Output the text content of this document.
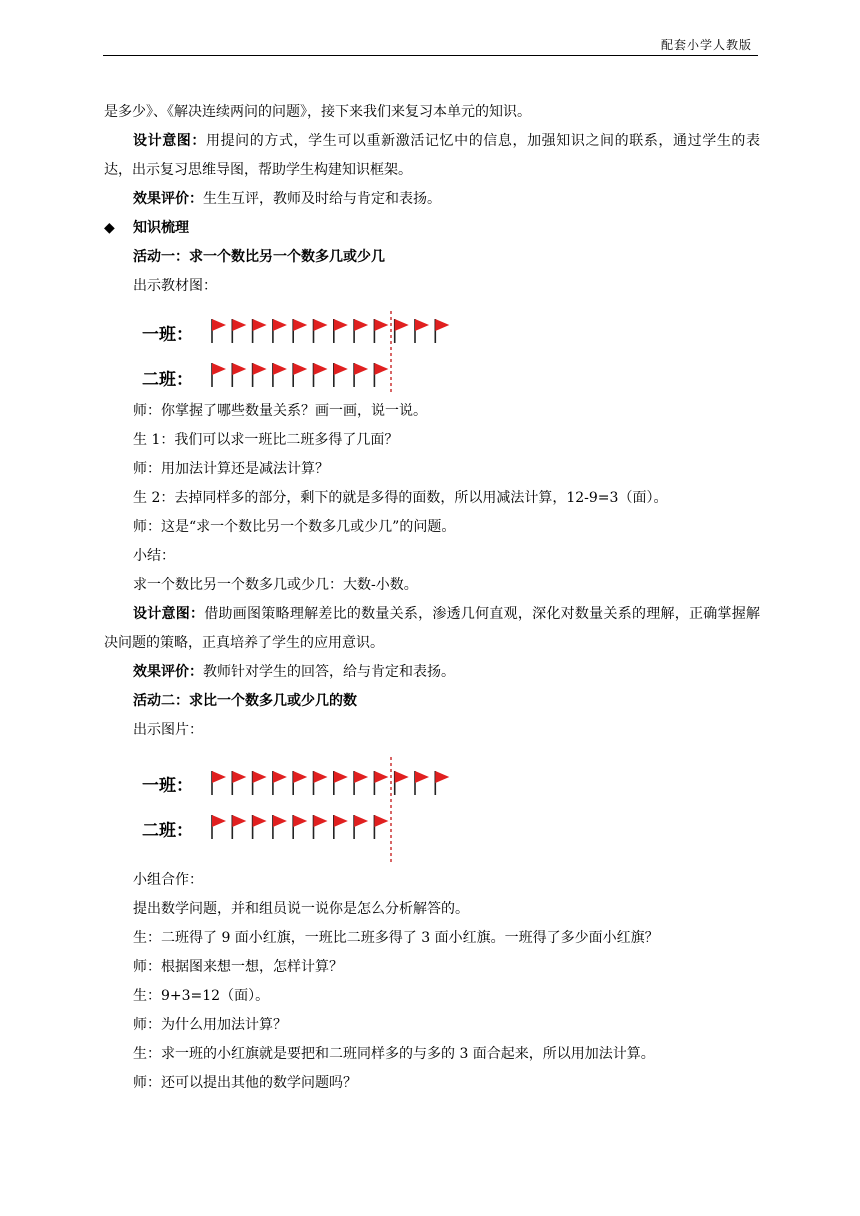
配套小学人教版

是多少》、《解决连续两问的问题》，接下来我们来复习本单元的知识。

设计意图：用提问的方式，学生可以重新激活记忆中的信息，加强知识之间的联系，通过学生的表达，出示复习思维导图，帮助学生构建知识框架。

效果评价：生生互评，教师及时给与肯定和表扬。

◆ 知识梳理

活动一：求一个数比另一个数多几或少几

出示教材图：

一班：
二班：

师：你掌握了哪些数量关系？画一画，说一说。

生 1：我们可以求一班比二班多得了几面？

师：用加法计算还是减法计算？

生 2：去掉同样多的部分，剩下的就是多得的面数，所以用减法计算，12-9=3（面）。

师：这是“求一个数比另一个数多几或少几”的问题。

小结：

求一个数比另一个数多几或少几：大数-小数。

设计意图：借助画图策略理解差比的数量关系，渗透几何直观，深化对数量关系的理解，正确掌握解决问题的策略，正真培养了学生的应用意识。

效果评价：教师针对学生的回答，给与肯定和表扬。

活动二：求比一个数多几或少几的数

出示图片：

一班：
二班：

小组合作：

提出数学问题，并和组员说一说你是怎么分析解答的。

生：二班得了 9 面小红旗，一班比二班多得了 3 面小红旗。一班得了多少面小红旗？

师：根据图来想一想，怎样计算？

生：9+3=12（面）。

师：为什么用加法计算？

生：求一班的小红旗就是要把和二班同样多的与多的 3 面合起来，所以用加法计算。

师：还可以提出其他的数学问题吗？
